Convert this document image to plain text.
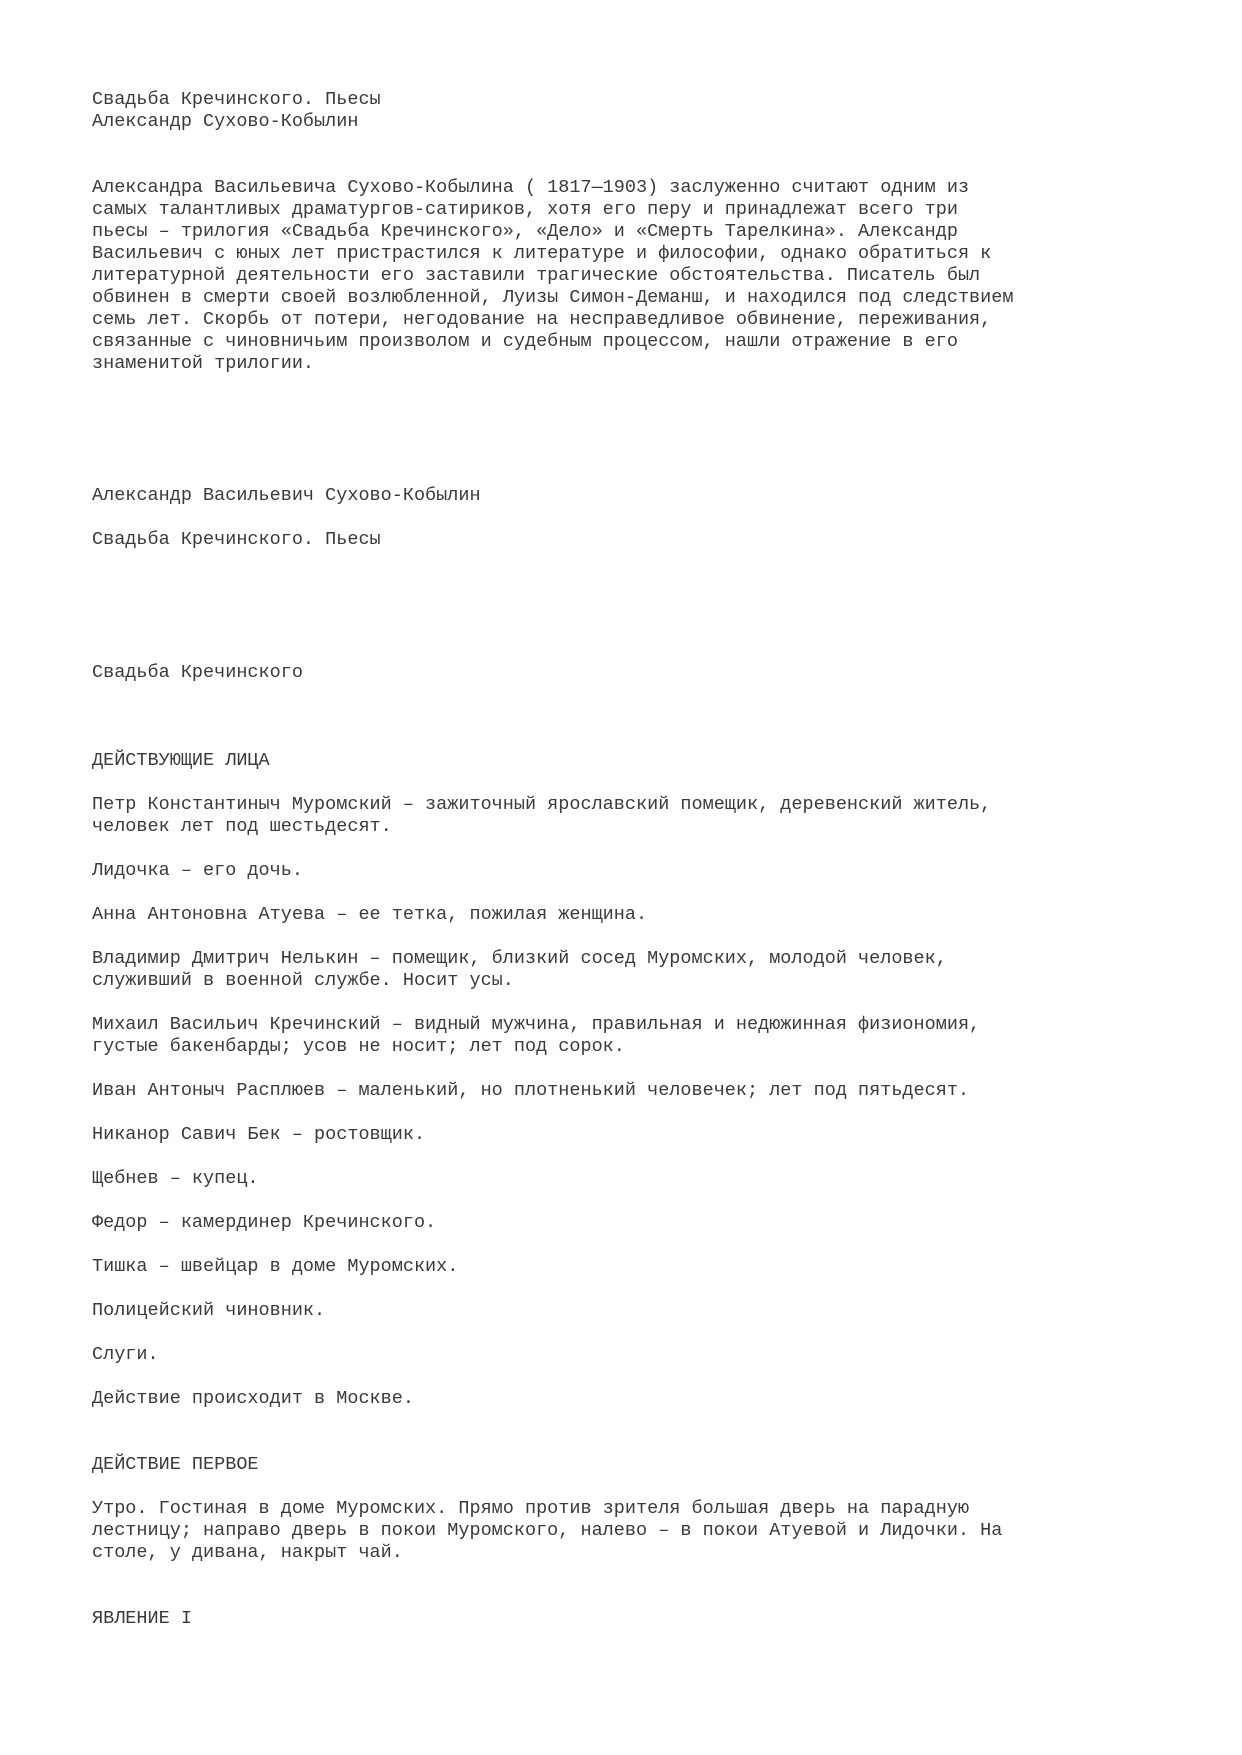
Свадьба Кречинского. Пьесы
Александр Сухово-Кобылин
Александра Васильевича Сухово-Кобылина ( 1817—1903) заслуженно считают одним из
самых талантливых драматургов-сатириков, хотя его перу и принадлежат всего три
пьесы – трилогия «Свадьба Кречинского», «Дело» и «Смерть Тарелкина». Александр
Васильевич с юных лет пристрастился к литературе и философии, однако обратиться к
литературной деятельности его заставили трагические обстоятельства. Писатель был
обвинен в смерти своей возлюбленной, Луизы Симон-Деманш, и находился под следствием
семь лет. Скорбь от потери, негодование на несправедливое обвинение, переживания,
связанные с чиновничьим произволом и судебным процессом, нашли отражение в его
знаменитой трилогии.
Александр Васильевич Сухово-Кобылин
Свадьба Кречинского. Пьесы
Свадьба Кречинского
ДЕЙСТВУЮЩИЕ ЛИЦА
Петр Константиныч Муромский – зажиточный ярославский помещик, деревенский житель,
человек лет под шестьдесят.
Лидочка – его дочь.
Анна Антоновна Атуева – ее тетка, пожилая женщина.
Владимир Дмитрич Нелькин – помещик, близкий сосед Муромских, молодой человек,
служивший в военной службе. Носит усы.
Михаил Васильич Кречинский – видный мужчина, правильная и недюжинная физиономия,
густые бакенбарды; усов не носит; лет под сорок.
Иван Антоныч Расплюев – маленький, но плотненький человечек; лет под пятьдесят.
Никанор Савич Бек – ростовщик.
Щебнев – купец.
Федор – камердинер Кречинского.
Тишка – швейцар в доме Муромских.
Полицейский чиновник.
Слуги.
Действие происходит в Москве.
ДЕЙСТВИЕ ПЕРВОЕ
Утро. Гостиная в доме Муромских. Прямо против зрителя большая дверь на парадную
лестницу; направо дверь в покои Муромского, налево – в покои Атуевой и Лидочки. На
столе, у дивана, накрыт чай.
ЯВЛЕНИЕ I
